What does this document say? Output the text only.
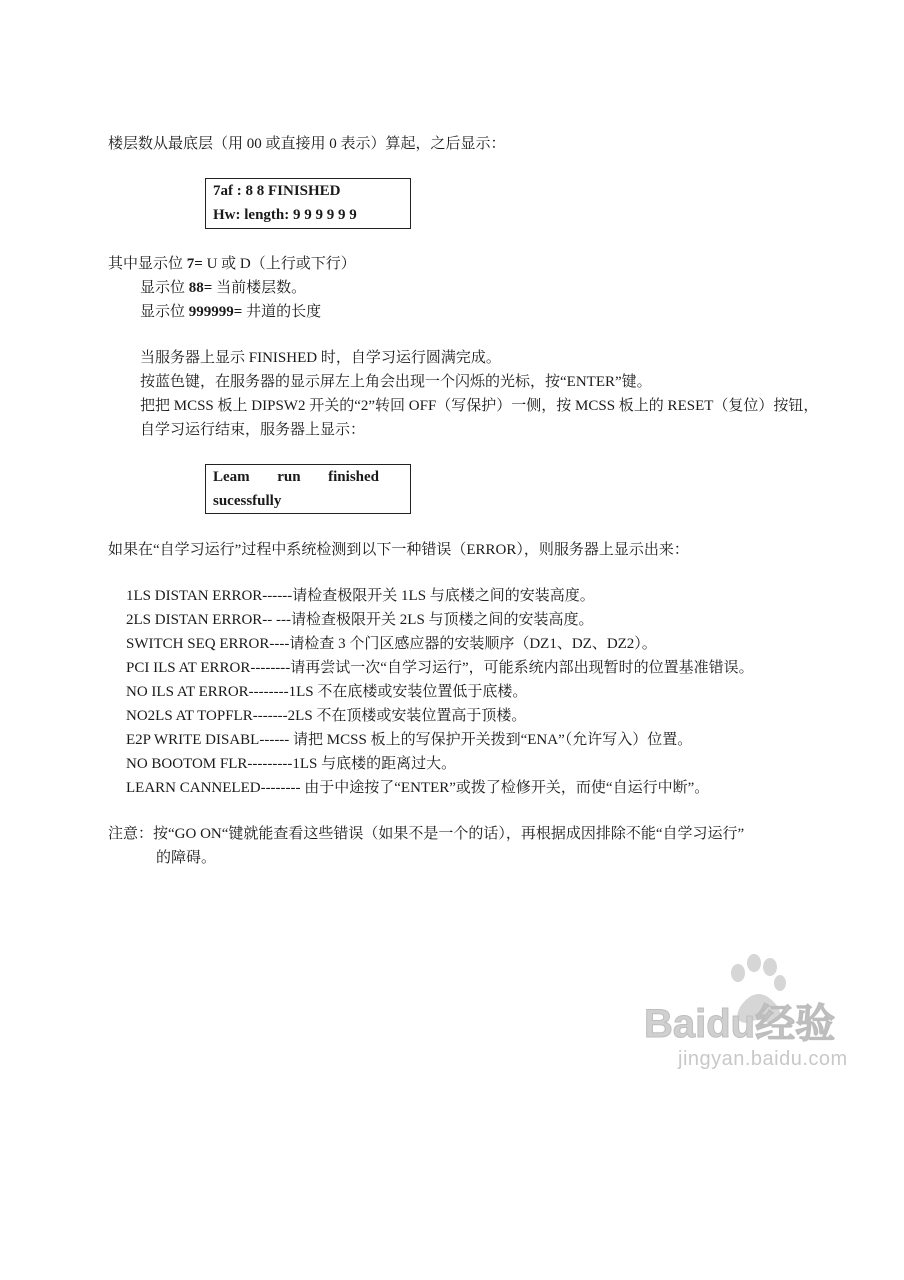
楼层数从最底层（用 00 或直接用 0 表示）算起，之后显示：
7af : 8 8 FINISHED
Hw: length: 9 9 9 9 9 9
其中显示位 7= U 或 D（上行或下行）
显示位 88= 当前楼层数。
显示位 999999= 井道的长度
当服务器上显示 FINISHED 时，自学习运行圆满完成。
按蓝色键，在服务器的显示屏左上角会出现一个闪烁的光标，按“ENTER”键。
把把 MCSS 板上 DIPSW2 开关的“2”转回 OFF（写保护）一侧，按 MCSS 板上的 RESET（复位）按钮，
自学习运行结束，服务器上显示：
Leam run finished
sucessfully
如果在“自学习运行”过程中系统检测到以下一种错误（ERROR），则服务器上显示出来：
1LS DISTAN ERROR------请检查极限开关 1LS 与底楼之间的安装高度。
2LS DISTAN ERROR-- ---请检查极限开关 2LS 与顶楼之间的安装高度。
SWITCH SEQ ERROR----请检查 3 个门区感应器的安装顺序（DZ1、DZ、DZ2）。
PCI ILS AT ERROR--------请再尝试一次“自学习运行”，可能系统内部出现暂时的位置基准错误。
NO ILS AT ERROR--------1LS 不在底楼或安装位置低于底楼。
NO2LS AT TOPFLR-------2LS 不在顶楼或安装位置高于顶楼。
E2P WRITE DISABL------ 请把 MCSS 板上的写保护开关拨到“ENA”（允许写入）位置。
NO BOOTOM FLR---------1LS 与底楼的距离过大。
LEARN CANNELED-------- 由于中途按了“ENTER”或拨了检修开关，而使“自运行中断”。
注意：按“GO ON“键就能查看这些错误（如果不是一个的话），再根据成因排除不能“自学习运行”
的障碍。
Baidu经验
jingyan.baidu.com
